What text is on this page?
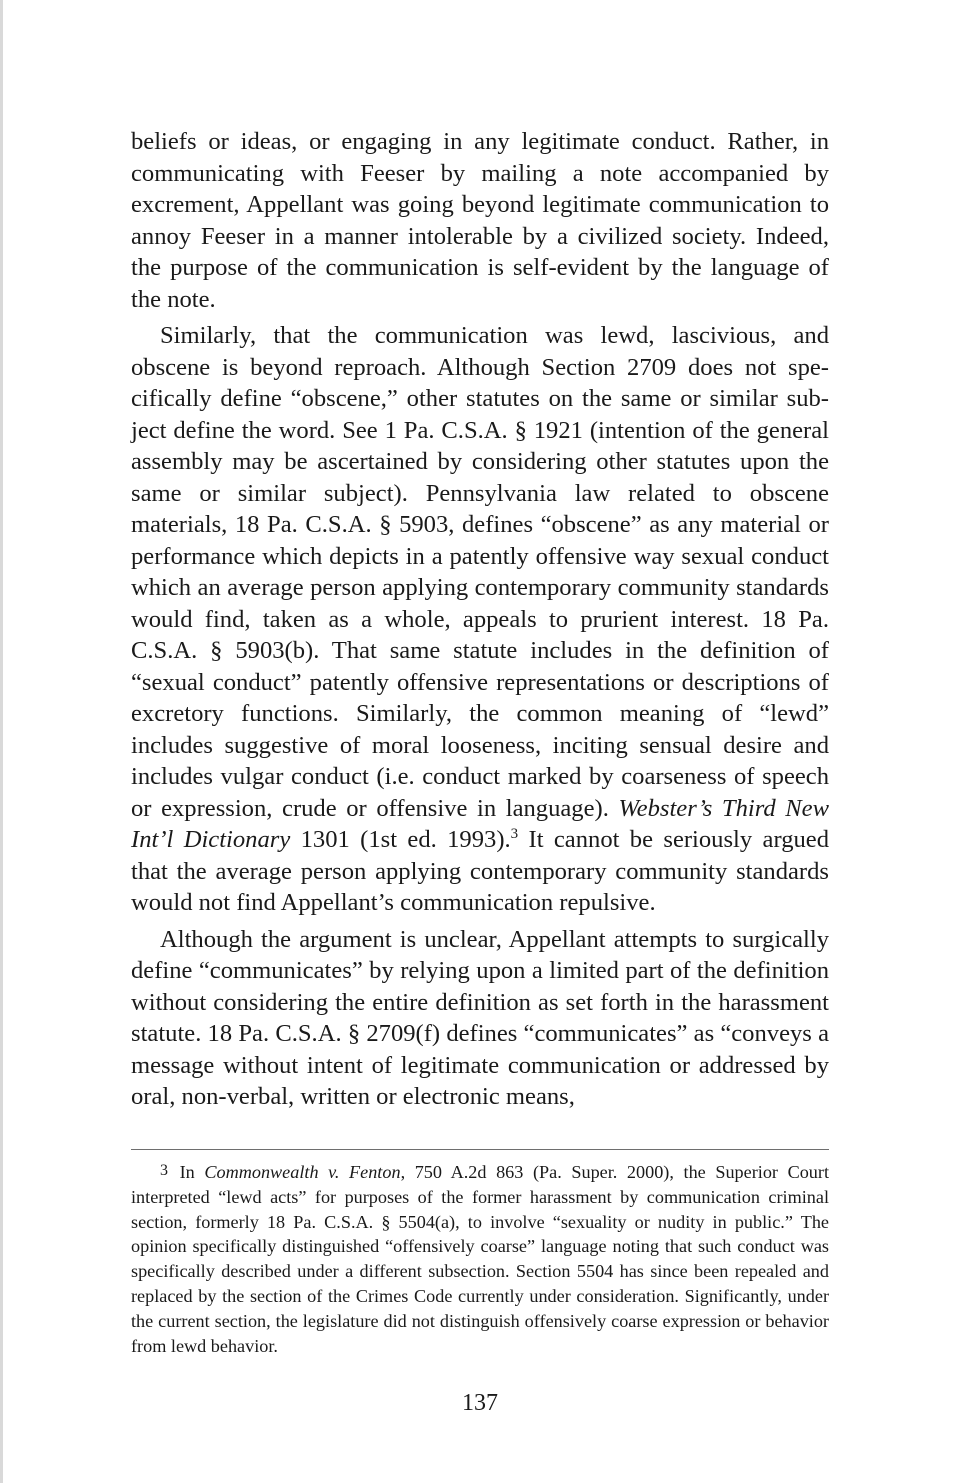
beliefs or ideas, or engaging in any legitimate conduct. Rather, in communicating with Feeser by mailing a note accompanied by excrement, Appellant was going beyond legitimate communication to annoy Feeser in a manner intolerable by a civilized society. Indeed, the purpose of the communication is self-evident by the language of the note.

Similarly, that the communication was lewd, lascivious, and obscene is beyond reproach. Although Section 2709 does not specifically define “obscene,” other statutes on the same or similar subject define the word. See 1 Pa. C.S.A. § 1921 (intention of the general assembly may be ascertained by considering other statutes upon the same or similar subject). Pennsylvania law related to obscene materials, 18 Pa. C.S.A. § 5903, defines “obscene” as any material or performance which depicts in a patently offensive way sexual conduct which an average person applying contemporary community standards would find, taken as a whole, appeals to prurient interest. 18 Pa. C.S.A. § 5903(b). That same statute includes in the definition of “sexual conduct” patently offensive representations or descriptions of excretory functions. Similarly, the common meaning of “lewd” includes suggestive of moral looseness, inciting sensual desire and includes vulgar conduct (i.e. conduct marked by coarseness of speech or expression, crude or offensive in language). Webster’s Third New Int’l Dictionary 1301 (1st ed. 1993).$^3$ It cannot be seriously argued that the average person applying contemporary community standards would not find Appellant’s communication repulsive.

Although the argument is unclear, Appellant attempts to surgically define “communicates” by relying upon a limited part of the definition without considering the entire definition as set forth in the harassment statute. 18 Pa. C.S.A. § 2709(f) defines “communicates” as “conveys a message without intent of legitimate communication or addressed by oral, non-verbal, written or electronic means,

$^3$ In Commonwealth v. Fenton, 750 A.2d 863 (Pa. Super. 2000), the Superior Court interpreted “lewd acts” for purposes of the former harassment by communication criminal section, formerly 18 Pa. C.S.A. § 5504(a), to involve “sexuality or nudity in public.” The opinion specifically distinguished “offensively coarse” language noting that such conduct was specifically described under a different subsection. Section 5504 has since been repealed and replaced by the section of the Crimes Code currently under consideration. Significantly, under the current section, the legislature did not distinguish offensively coarse expression or behavior from lewd behavior.

137
